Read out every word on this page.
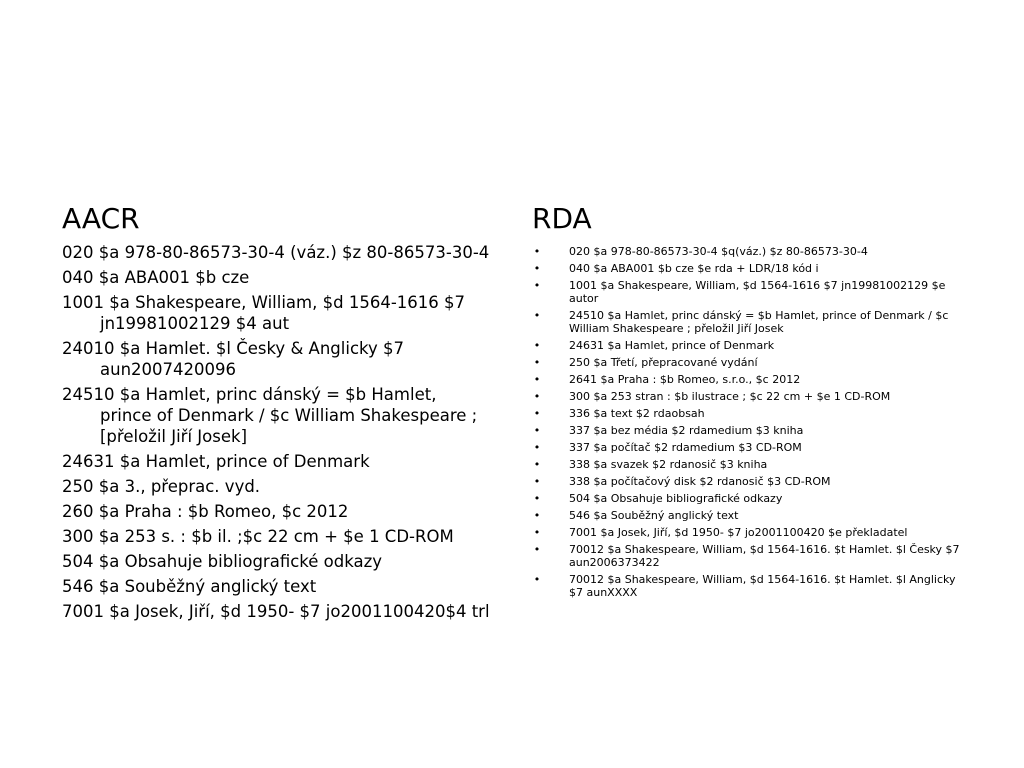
AACR
020 $a 978-80-86573-30-4 (váz.) $z 80-86573-30-4
040 $a ABA001 $b cze
1001 $a Shakespeare, William, $d 1564-1616 $7 jn19981002129 $4 aut
24010 $a Hamlet. $l Česky & Anglicky $7 aun2007420096
24510 $a Hamlet, princ dánský = $b Hamlet, prince of Denmark / $c William Shakespeare ; [přeložil Jiří Josek]
24631 $a Hamlet, prince of Denmark
250 $a 3., přeprac. vyd.
260 $a Praha : $b Romeo, $c 2012
300 $a 253 s. : $b il. ;$c 22 cm + $e 1 CD-ROM
504 $a Obsahuje bibliografické odkazy
546 $a Souběžný anglický text
7001 $a Josek, Jiří, $d 1950- $7 jo2001100420$4 trl
RDA
•	020 $a 978-80-86573-30-4 $q(váz.) $z 80-86573-30-4
•	040 $a ABA001 $b cze $e rda + LDR/18 kód i
•	1001 $a Shakespeare, William, $d 1564-1616 $7 jn19981002129 $e autor
•	24510 $a Hamlet, princ dánský = $b Hamlet, prince of Denmark / $c William Shakespeare ; přeložil Jiří Josek
•	24631 $a Hamlet, prince of Denmark
•	250 $a Třetí, přepracované vydání
•	2641 $a Praha : $b Romeo, s.r.o., $c 2012
•	300 $a 253 stran : $b ilustrace ; $c 22 cm + $e 1 CD-ROM
•	336 $a text $2 rdaobsah
•	337 $a bez média $2 rdamedium $3 kniha
•	337 $a počítač $2 rdamedium $3 CD-ROM
•	338 $a svazek $2 rdanosič $3 kniha
•	338 $a počítačový disk $2 rdanosič $3 CD-ROM
•	504 $a Obsahuje bibliografické odkazy
•	546 $a Souběžný anglický text
•	7001 $a Josek, Jiří, $d 1950- $7 jo2001100420 $e překladatel
•	70012 $a Shakespeare, William, $d 1564-1616. $t Hamlet. $l Česky $7 aun2006373422
•	70012 $a Shakespeare, William, $d 1564-1616. $t Hamlet. $l Anglicky $7 aunXXXX
